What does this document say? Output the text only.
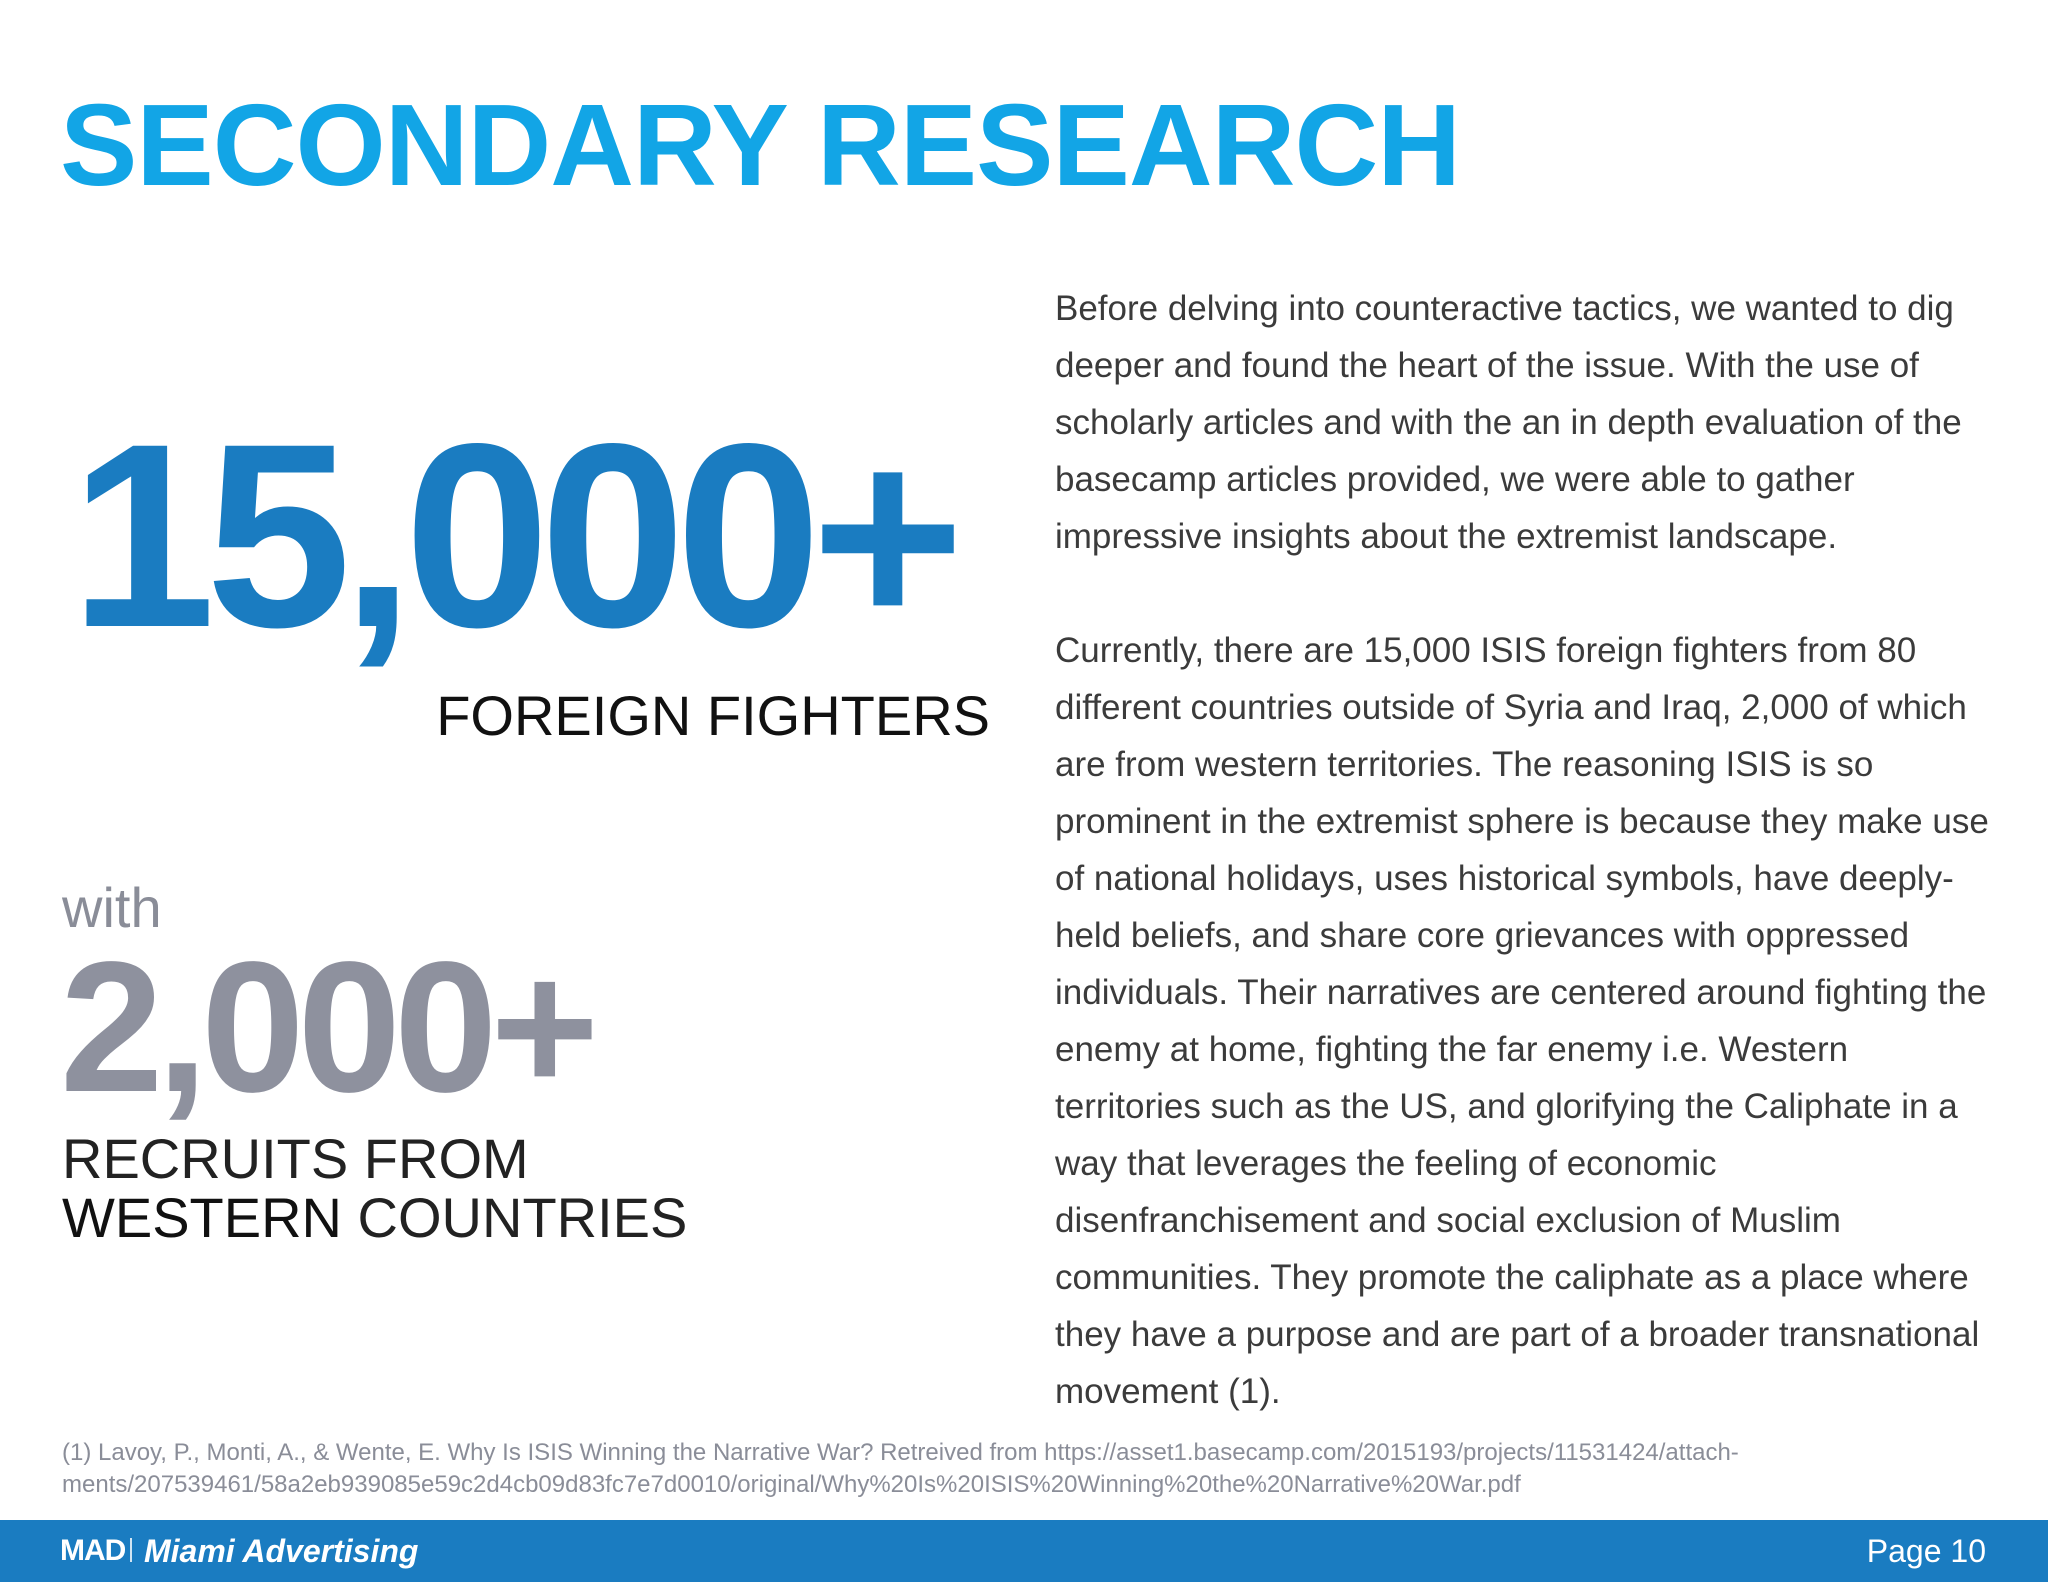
SECONDARY RESEARCH
15,000+
FOREIGN FIGHTERS
with
2,000+
RECRUITS FROM
WESTERN COUNTRIES

Before delving into counteractive tactics, we wanted to dig deeper and found the heart of the issue. With the use of scholarly articles and with the an in depth evaluation of the basecamp articles provided, we were able to gather impressive insights about the extremist landscape.

Currently, there are 15,000 ISIS foreign fighters from 80 different countries outside of Syria and Iraq, 2,000 of which are from western territories. The reasoning ISIS is so prominent in the extremist sphere is because they make use of national holidays, uses historical symbols, have deeply-held beliefs, and share core grievances with oppressed individuals. Their narratives are centered around fighting the enemy at home, fighting the far enemy i.e. Western territories such as the US, and glorifying the Caliphate in a way that leverages the feeling of economic disenfranchisement and social exclusion of Muslim communities. They promote the caliphate as a place where they have a purpose and are part of a broader transnational movement (1).

(1) Lavoy, P., Monti, A., & Wente, E. Why Is ISIS Winning the Narrative War? Retreived from https://asset1.basecamp.com/2015193/projects/11531424/attach-
ments/207539461/58a2eb939085e59c2d4cb09d83fc7e7d0010/original/Why%20Is%20ISIS%20Winning%20the%20Narrative%20War.pdf
MAD Miami Advertising	Page 10
